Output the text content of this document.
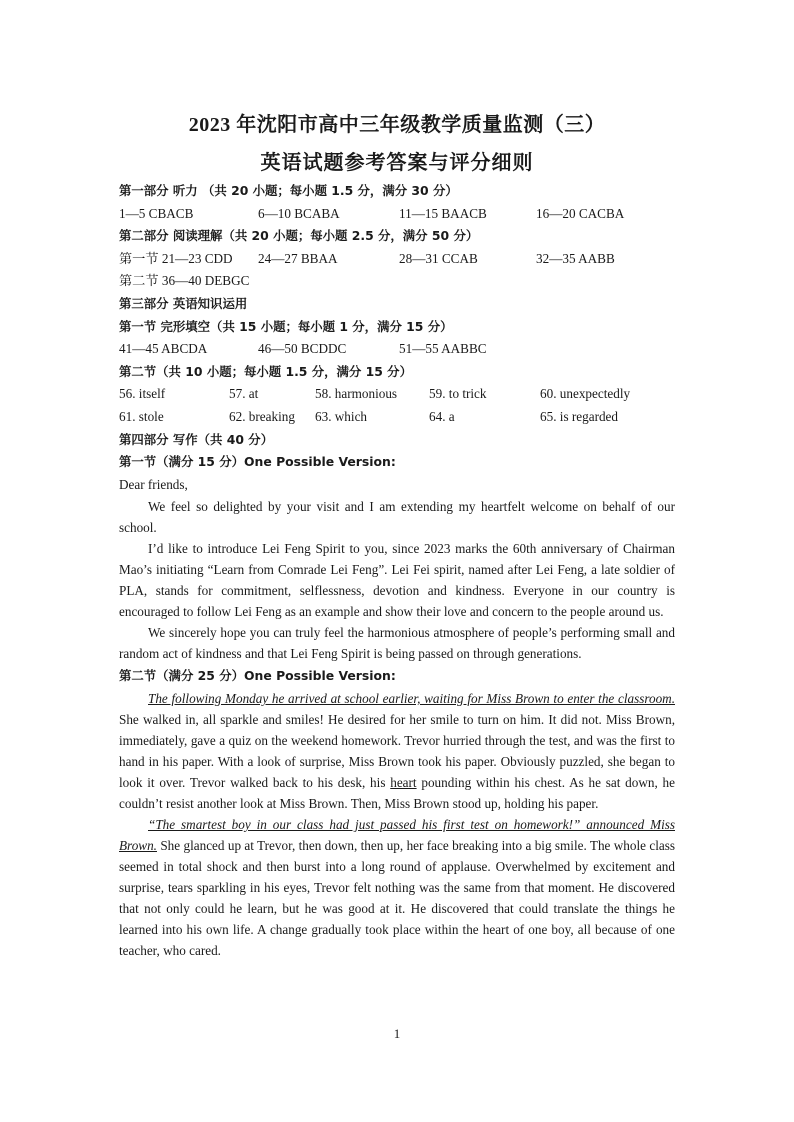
2023 年沈阳市高中三年级教学质量监测（三）
英语试题参考答案与评分细则
第一部分 听力 （共 20 小题；每小题 1.5 分，满分 30 分）
1—5 CBACB	6—10 BCABA	11—15 BAACB	16—20 CACBA
第二部分 阅读理解（共 20 小题；每小题 2.5 分，满分 50 分）
第一节 21—23 CDD	24—27 BBAA	28—31 CCAB	32—35 AABB
第二节 36—40 DEBGC
第三部分 英语知识运用
第一节 完形填空（共 15 小题；每小题 1 分，满分 15 分）
41—45 ABCDA	46—50 BCDDC	51—55 AABBC
第二节（共 10 小题；每小题 1.5 分，满分 15 分）
56. itself	57. at	58. harmonious	59. to trick	60. unexpectedly
61. stole	62. breaking	63. which	64. a	65. is regarded
第四部分 写作（共 40 分）
第一节（满分 15 分）One Possible Version:
Dear friends,

We feel so delighted by your visit and I am extending my heartfelt welcome on behalf of our school.

I’d like to introduce Lei Feng Spirit to you, since 2023 marks the 60th anniversary of Chairman Mao’s initiating “Learn from Comrade Lei Feng”. Lei Fei spirit, named after Lei Feng, a late soldier of PLA, stands for commitment, selflessness, devotion and kindness. Everyone in our country is encouraged to follow Lei Feng as an example and show their love and concern to the people around us.

We sincerely hope you can truly feel the harmonious atmosphere of people’s performing small and random act of kindness and that Lei Feng Spirit is being passed on through generations.

第二节（满分 25 分）One Possible Version:

The following Monday he arrived at school earlier, waiting for Miss Brown to enter the classroom. She walked in, all sparkle and smiles! He desired for her smile to turn on him. It did not. Miss Brown, immediately, gave a quiz on the weekend homework. Trevor hurried through the test, and was the first to hand in his paper. With a look of surprise, Miss Brown took his paper. Obviously puzzled, she began to look it over. Trevor walked back to his desk, his heart pounding within his chest. As he sat down, he couldn’t resist another look at Miss Brown. Then, Miss Brown stood up, holding his paper.

“The smartest boy in our class had just passed his first test on homework!” announced Miss Brown. She glanced up at Trevor, then down, then up, her face breaking into a big smile. The whole class seemed in total shock and then burst into a long round of applause. Overwhelmed by excitement and surprise, tears sparkling in his eyes, Trevor felt nothing was the same from that moment. He discovered that not only could he learn, but he was good at it. He discovered that could translate the things he learned into his own life. A change gradually took place within the heart of one boy, all because of one teacher, who cared.

1
